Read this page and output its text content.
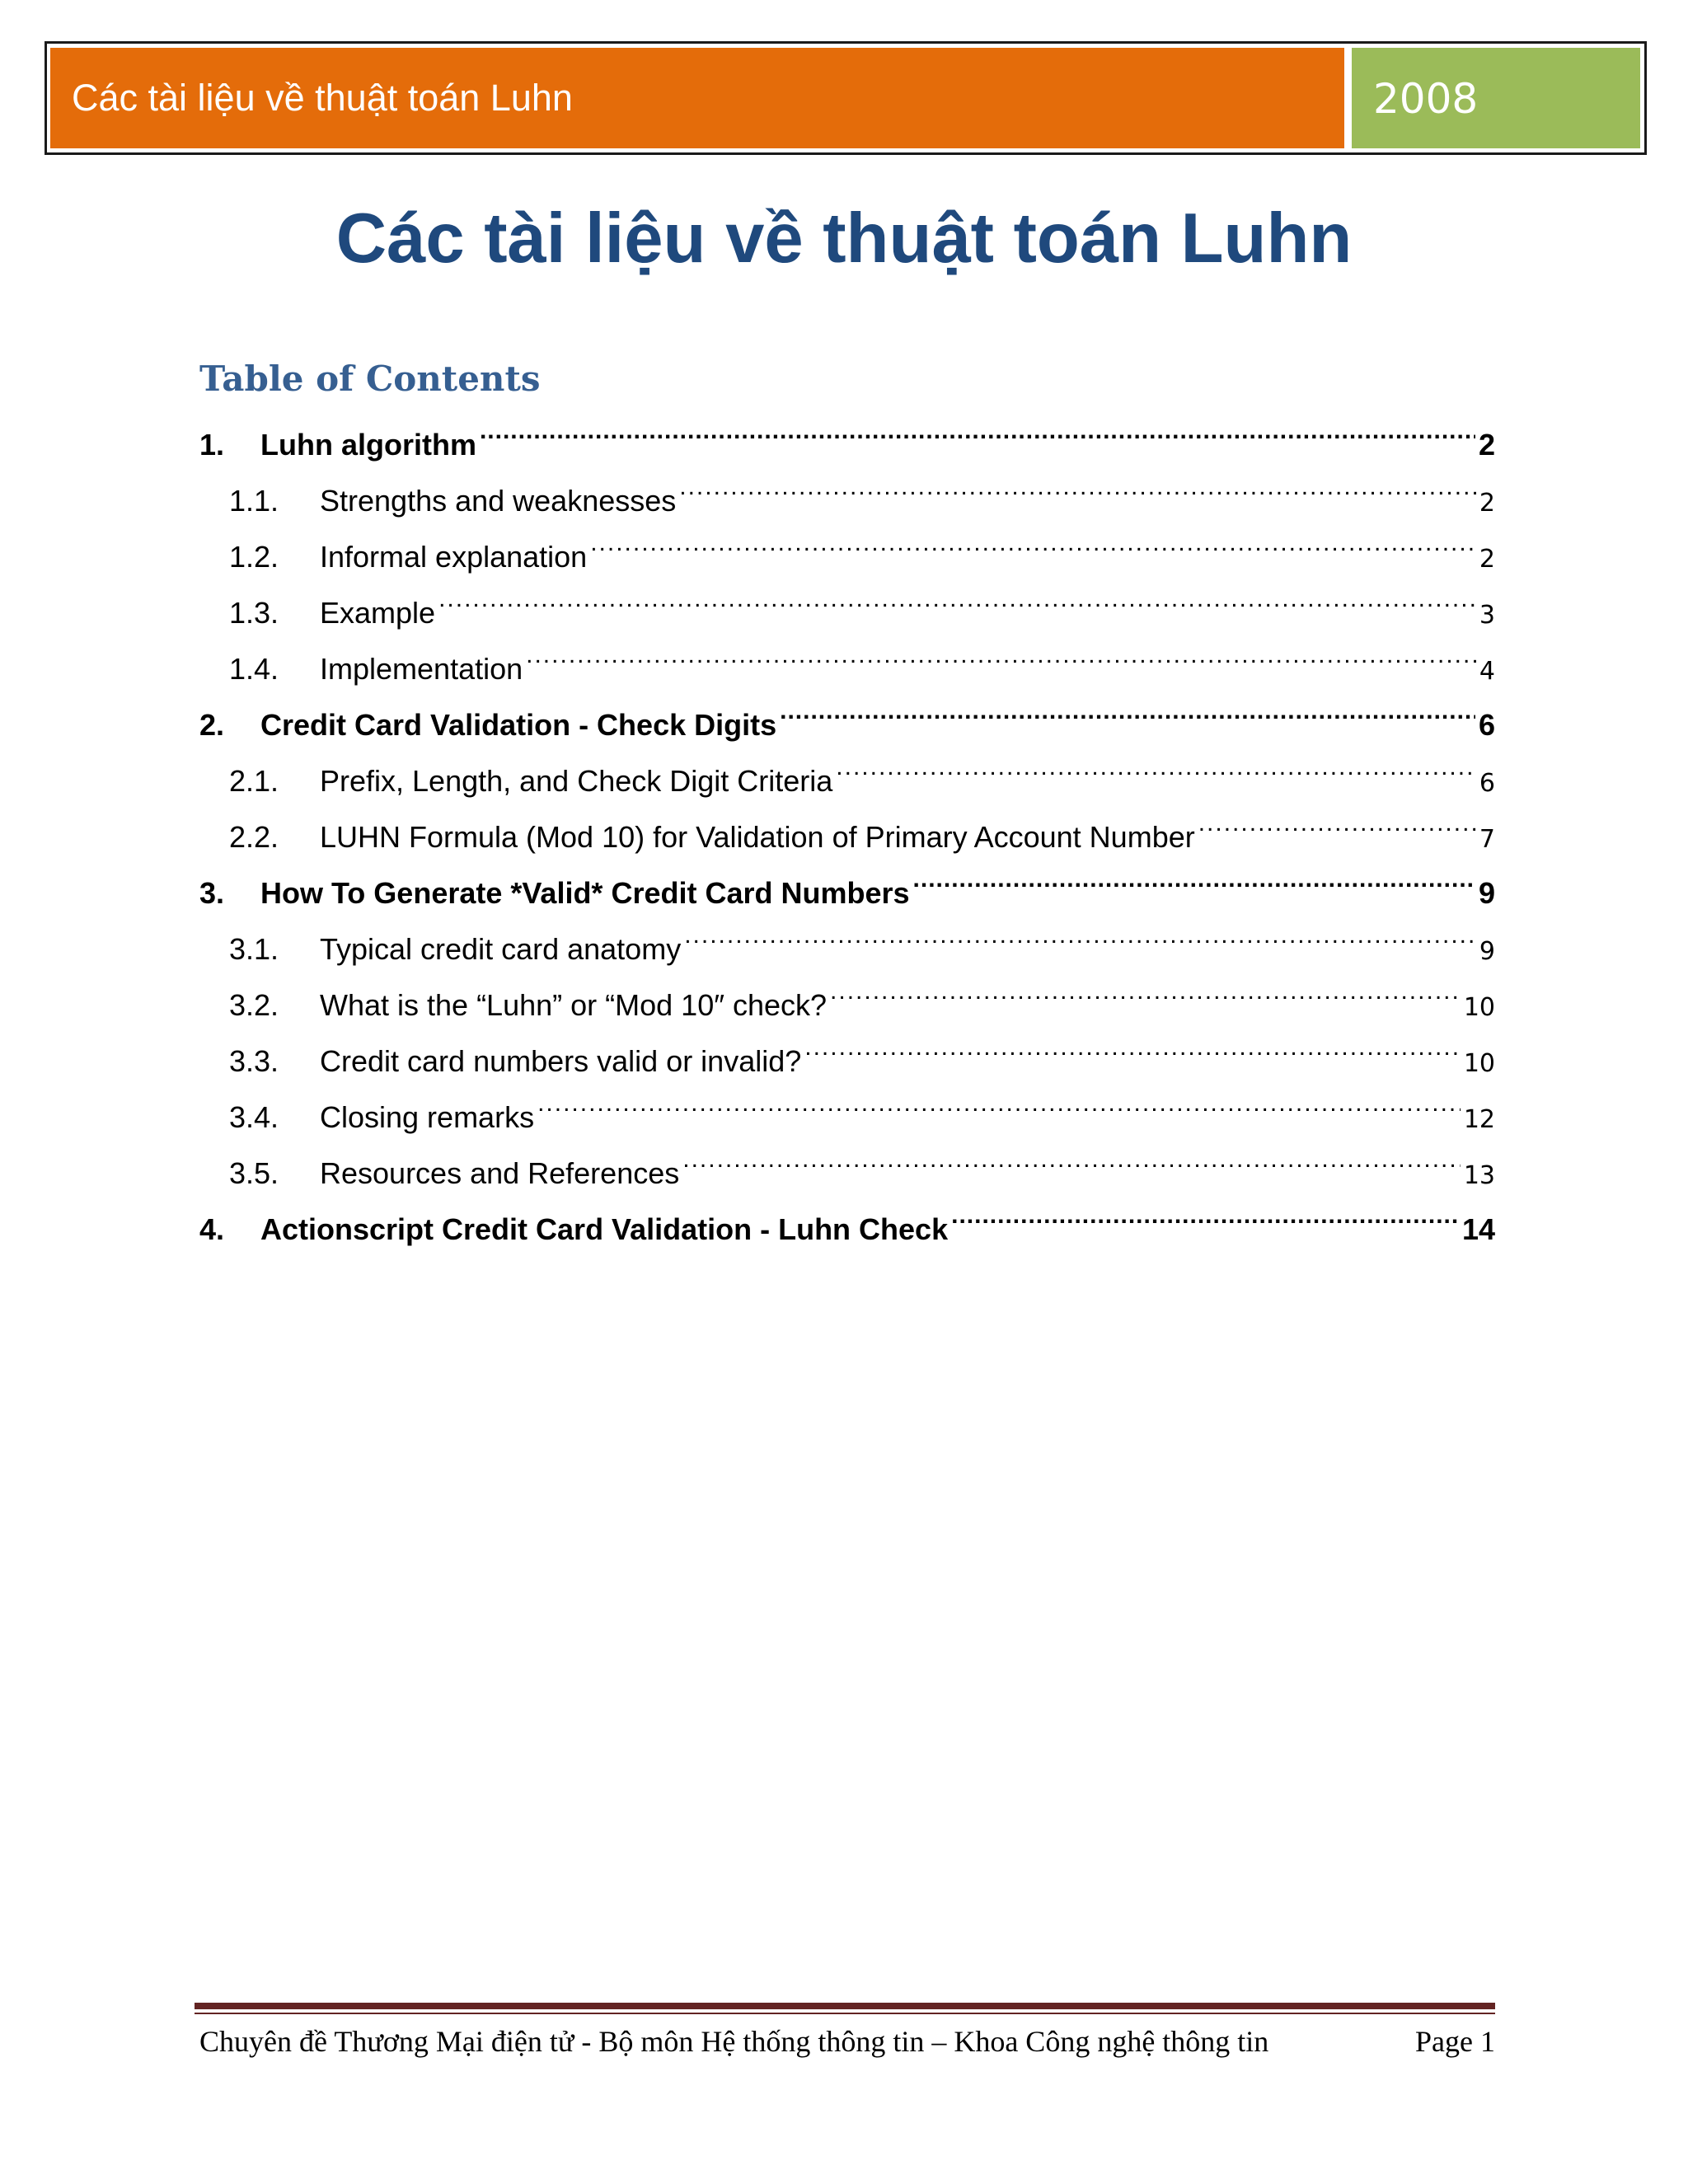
Các tài liệu về thuật toán Luhn	2008
Các tài liệu về thuật toán Luhn
Table of Contents
1.	Luhn algorithm .....	2
1.1.	Strengths and weaknesses .....	2
1.2.	Informal explanation .....	2
1.3.	Example .....	3
1.4.	Implementation .....	4
2.	Credit Card Validation - Check Digits .....	6
2.1.	Prefix, Length, and Check Digit Criteria .....	6
2.2.	LUHN Formula (Mod 10) for Validation of Primary Account Number .....	7
3.	How To Generate *Valid* Credit Card Numbers .....	9
3.1.	Typical credit card anatomy .....	9
3.2.	What is the “Luhn” or “Mod 10″ check? .....	10
3.3.	Credit card numbers valid or invalid? .....	10
3.4.	Closing remarks .....	12
3.5.	Resources and References .....	13
4.	Actionscript Credit Card Validation - Luhn Check .....	14
Chuyên đề Thương Mại điện tử - Bộ môn Hệ thống thông tin – Khoa Công nghệ thông tin	Page 1
